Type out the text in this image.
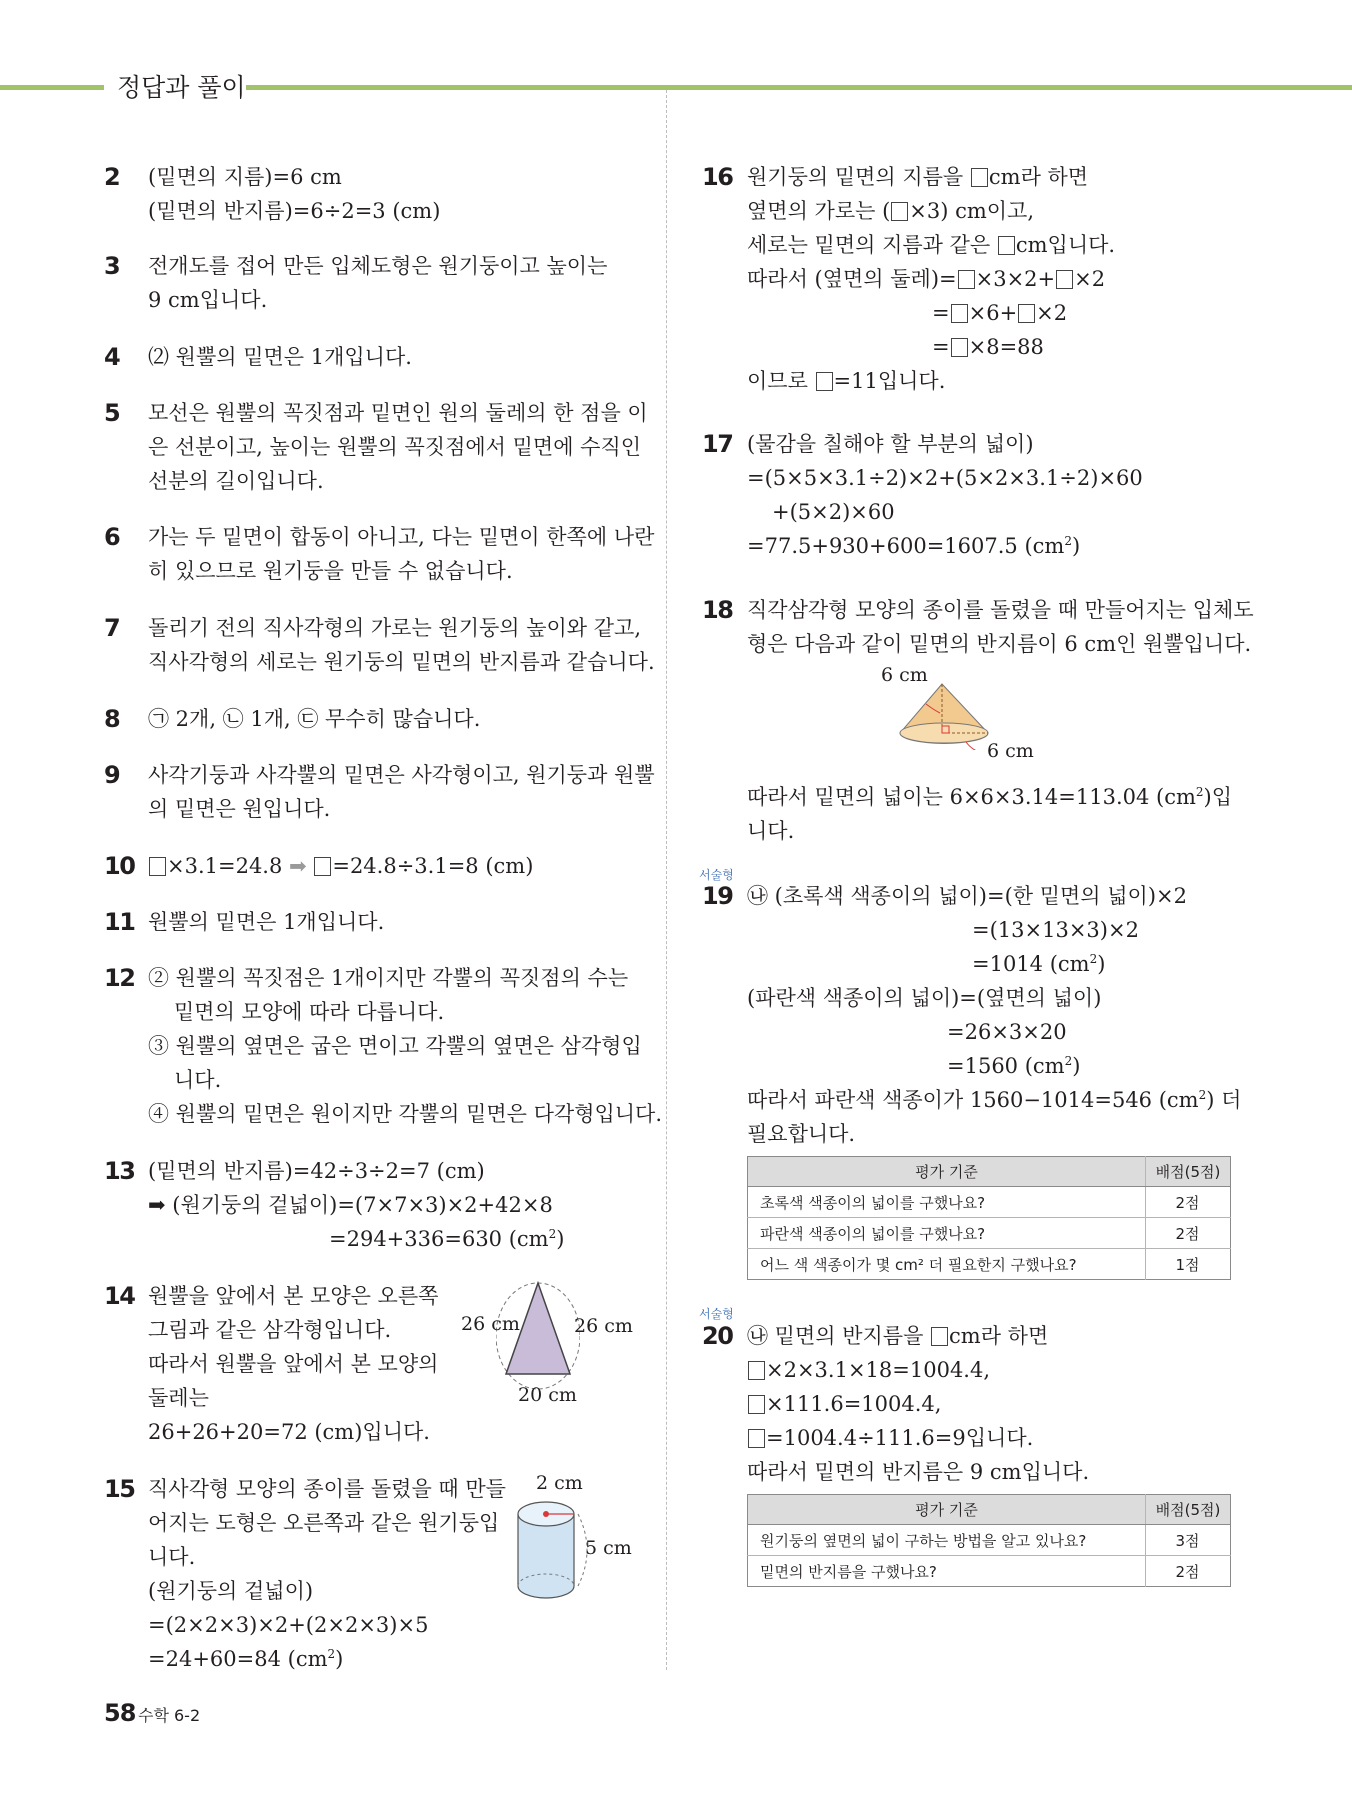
정답과 풀이
2 (밑면의 지름)=6 cm
(밑면의 반지름)=6÷2=3 (cm)
3 전개도를 접어 만든 입체도형은 원기둥이고 높이는
9 cm입니다.
4 ⑵ 원뿔의 밑면은 1개입니다.
5 모선은 원뿔의 꼭짓점과 밑면인 원의 둘레의 한 점을 이
은 선분이고, 높이는 원뿔의 꼭짓점에서 밑면에 수직인
선분의 길이입니다.
6 가는 두 밑면이 합동이 아니고, 다는 밑면이 한쪽에 나란
히 있으므로 원기둥을 만들 수 없습니다.
7 돌리기 전의 직사각형의 가로는 원기둥의 높이와 같고,
직사각형의 세로는 원기둥의 밑면의 반지름과 같습니다.
8 ㉠ 2개, ㉡ 1개, ㉢ 무수히 많습니다.
9 사각기둥과 사각뿔의 밑면은 사각형이고, 원기둥과 원뿔
의 밑면은 원입니다.
10	×3.1=24.8 ➡ =24.8÷3.1=8 (cm)
11 원뿔의 밑면은 1개입니다.
12 ② 원뿔의 꼭짓점은 1개이지만 각뿔의 꼭짓점의 수는
밑면의 모양에 따라 다릅니다.
③ 원뿔의 옆면은 굽은 면이고 각뿔의 옆면은 삼각형입
니다.
④ 원뿔의 밑면은 원이지만 각뿔의 밑면은 다각형입니다.
13 (밑면의 반지름)=42÷3÷2=7 (cm)
➡ (원기둥의 겉넓이)=(7×7×3)×2+42×8
=294+336=630 $(cm^2)$
14 원뿔을 앞에서 본 모양은 오른쪽
그림과 같은 삼각형입니다.
따라서 원뿔을 앞에서 본 모양의
둘레는
26+26+20=72 (cm)입니다.
26 cm	26 cm
20 cm
15 직사각형 모양의 종이를 돌렸을 때 만들
어지는 도형은 오른쪽과 같은 원기둥입
니다.
(원기둥의 겉넓이)
=(2×2×3)×2+(2×2×3)×5
=24+60=84 $(cm^2)$
2 cm
5 cm
16 원기둥의 밑면의 지름을 cm라 하면
옆면의 가로는 ( ×3) cm이고,
세로는 밑면의 지름과 같은 cm입니다.
따라서 (옆면의 둘레)= ×3×2+ ×2
= ×6+ ×2
= ×8=88
이므로 =11입니다.
17 (물감을 칠해야 할 부분의 넓이)
=(5×5×3.1÷2)×2+(5×2×3.1÷2)×60
+(5×2)×60
=77.5+930+600=1607.5 $(cm^2)$
18 직각삼각형 모양의 종이를 돌렸을 때 만들어지는 입체도
형은 다음과 같이 밑면의 반지름이 6 cm인 원뿔입니다.
6 cm
6 cm
따라서 밑면의 넓이는 6×6×3.14=113.04 $(cm^2)$입
니다.
서술형
19 ㉯ (초록색 색종이의 넓이)=(한 밑면의 넓이)×2
=(13×13×3)×2
=1014 $(cm^2)$
(파란색 색종이의 넓이)=(옆면의 넓이)
=26×3×20
=1560 $(cm^2)$
따라서 파란색 색종이가 1560−1014=546 $(cm^2)$ 더
필요합니다.
평가 기준	배점(5점)
초록색 색종이의 넓이를 구했나요?	2점
파란색 색종이의 넓이를 구했나요?	2점
어느 색 색종이가 몇 cm² 더 필요한지 구했나요?	1점
서술형
20 ㉯ 밑면의 반지름을 cm라 하면
×2×3.1×18=1004.4,
×111.6=1004.4,
=1004.4÷111.6=9입니다.
따라서 밑면의 반지름은 9 cm입니다.
평가 기준	배점(5점)
원기둥의 옆면의 넓이 구하는 방법을 알고 있나요?	3점
밑면의 반지름을 구했나요?	2점
58 수학 6-2
